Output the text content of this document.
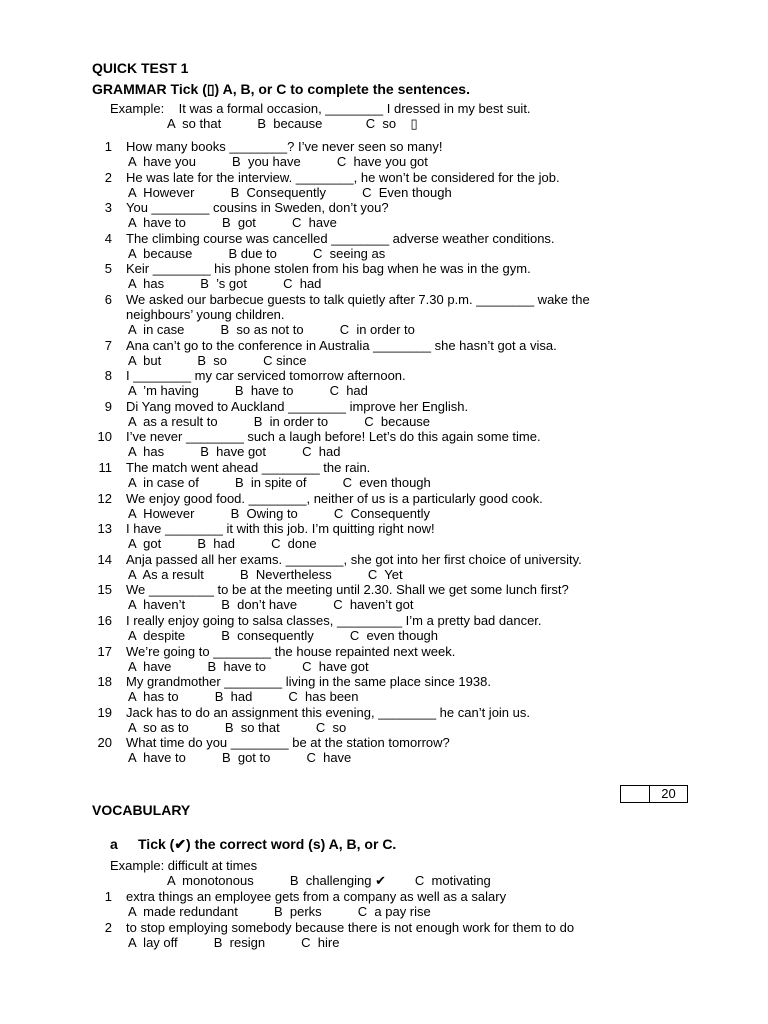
QUICK TEST 1
GRAMMAR Tick (▯) A, B, or C to complete the sentences.
Example:    It was a formal occasion, ________ I dressed in my best suit.
A  so that          B  because            C  so    ▯
20
VOCABULARY
a Tick (✔) the correct word (s) A, B, or C.
Example: difficult at times
A  monotonous          B  challenging ✔        C  motivating
1 How many books ________? I’ve never seen so many!
A  have you          B  you have          C  have you got
2 He was late for the interview. ________, he won’t be considered for the job.
A  However          B  Consequently          C  Even though
3 You ________ cousins in Sweden, don’t you?
A  have to          B  got          C  have
4 The climbing course was cancelled ________ adverse weather conditions.
A  because          B due to          C  seeing as
5 Keir ________ his phone stolen from his bag when he was in the gym.
A  has          B  ’s got          C  had
6 We asked our barbecue guests to talk quietly after 7.30 p.m. ________ wake the neighbours’ young children.
A  in case          B  so as not to          C  in order to
7 Ana can’t go to the conference in Australia ________ she hasn’t got a visa.
A  but          B  so          C since
8 I ________ my car serviced tomorrow afternoon.
A  ’m having          B  have to          C  had
9 Di Yang moved to Auckland ________ improve her English.
A  as a result to          B  in order to          C  because
10 I’ve never ________ such a laugh before! Let’s do this again some time.
A  has          B  have got          C  had
11 The match went ahead ________ the rain.
A  in case of          B  in spite of          C  even though
12 We enjoy good food. ________, neither of us is a particularly good cook.
A  However          B  Owing to          C  Consequently
13 I have ________ it with this job. I’m quitting right now!
A  got          B  had          C  done
14 Anja passed all her exams. ________, she got into her first choice of university.
A  As a result          B  Nevertheless          C  Yet
15 We _________ to be at the meeting until 2.30. Shall we get some lunch first?
A  haven’t          B  don’t have          C  haven’t got
16 I really enjoy going to salsa classes, _________ I’m a pretty bad dancer.
A  despite          B  consequently          C  even though
17 We’re going to ________ the house repainted next week.
A  have          B  have to          C  have got
18 My grandmother ________ living in the same place since 1938.
A  has to          B  had          C  has been
19 Jack has to do an assignment this evening, ________ he can’t join us.
A  so as to          B  so that          C  so
20 What time do you ________ be at the station tomorrow?
A  have to          B  got to          C  have
1 extra things an employee gets from a company as well as a salary
A  made redundant          B  perks          C  a pay rise
2 to stop employing somebody because there is not enough work for them to do
A  lay off          B  resign          C  hire
